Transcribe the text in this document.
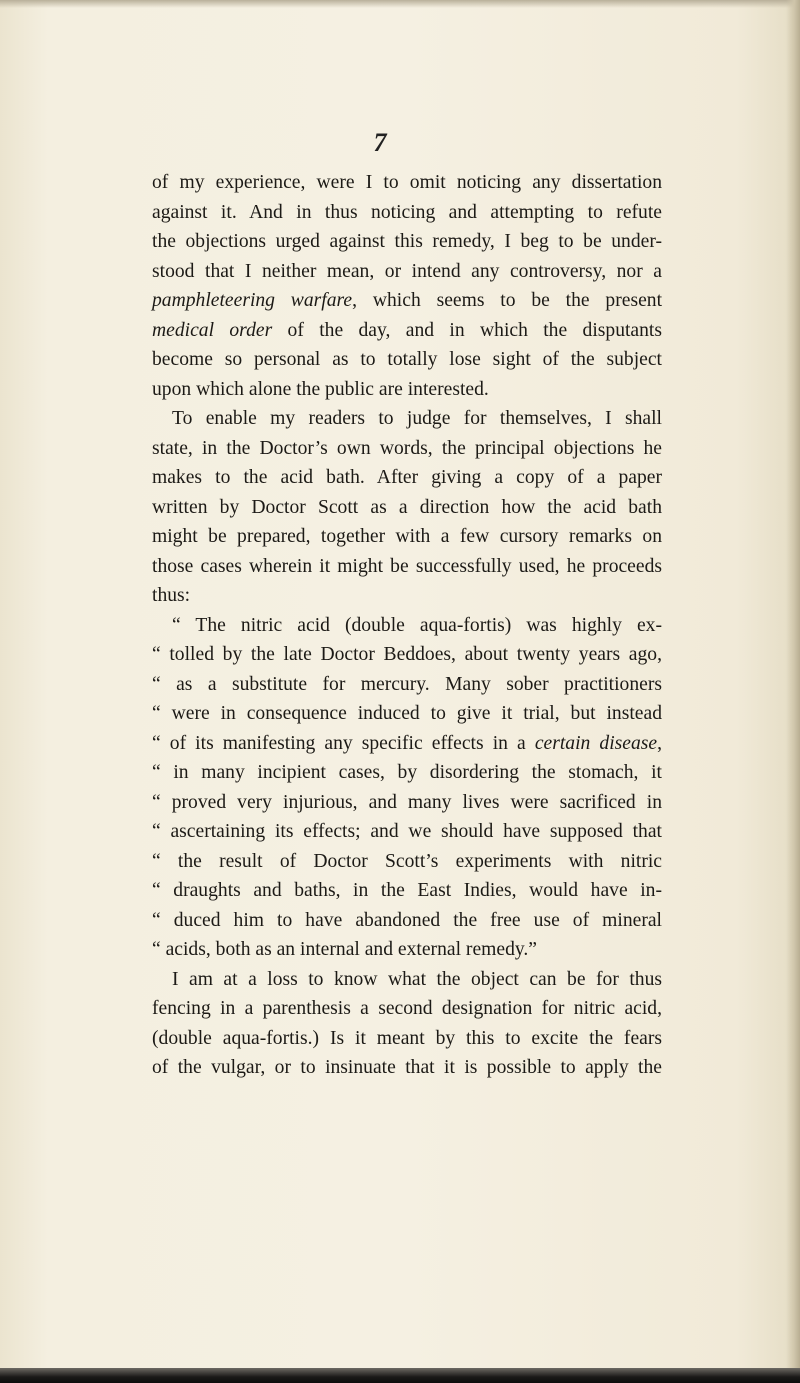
7
of my experience, were I to omit noticing any dissertation
against it. And in thus noticing and attempting to refute
the objections urged against this remedy, I beg to be under-
stood that I neither mean, or intend any controversy, nor a
pamphleteering warfare, which seems to be the present
medical order of the day, and in which the disputants
become so personal as to totally lose sight of the subject
upon which alone the public are interested.
To enable my readers to judge for themselves, I shall
state, in the Doctor’s own words, the principal objections he
makes to the acid bath. After giving a copy of a paper
written by Doctor Scott as a direction how the acid bath
might be prepared, together with a few cursory remarks on
those cases wherein it might be successfully used, he proceeds
thus:
“ The nitric acid (double aqua-fortis) was highly ex-
“ tolled by the late Doctor Beddoes, about twenty years ago,
“ as a substitute for mercury. Many sober practitioners
“ were in consequence induced to give it trial, but instead
“ of its manifesting any specific effects in a certain disease,
“ in many incipient cases, by disordering the stomach, it
“ proved very injurious, and many lives were sacrificed in
“ ascertaining its effects; and we should have supposed that
“ the result of Doctor Scott’s experiments with nitric
“ draughts and baths, in the East Indies, would have in-
“ duced him to have abandoned the free use of mineral
“ acids, both as an internal and external remedy.”
I am at a loss to know what the object can be for thus
fencing in a parenthesis a second designation for nitric acid,
(double aqua-fortis.) Is it meant by this to excite the fears
of the vulgar, or to insinuate that it is possible to apply the
